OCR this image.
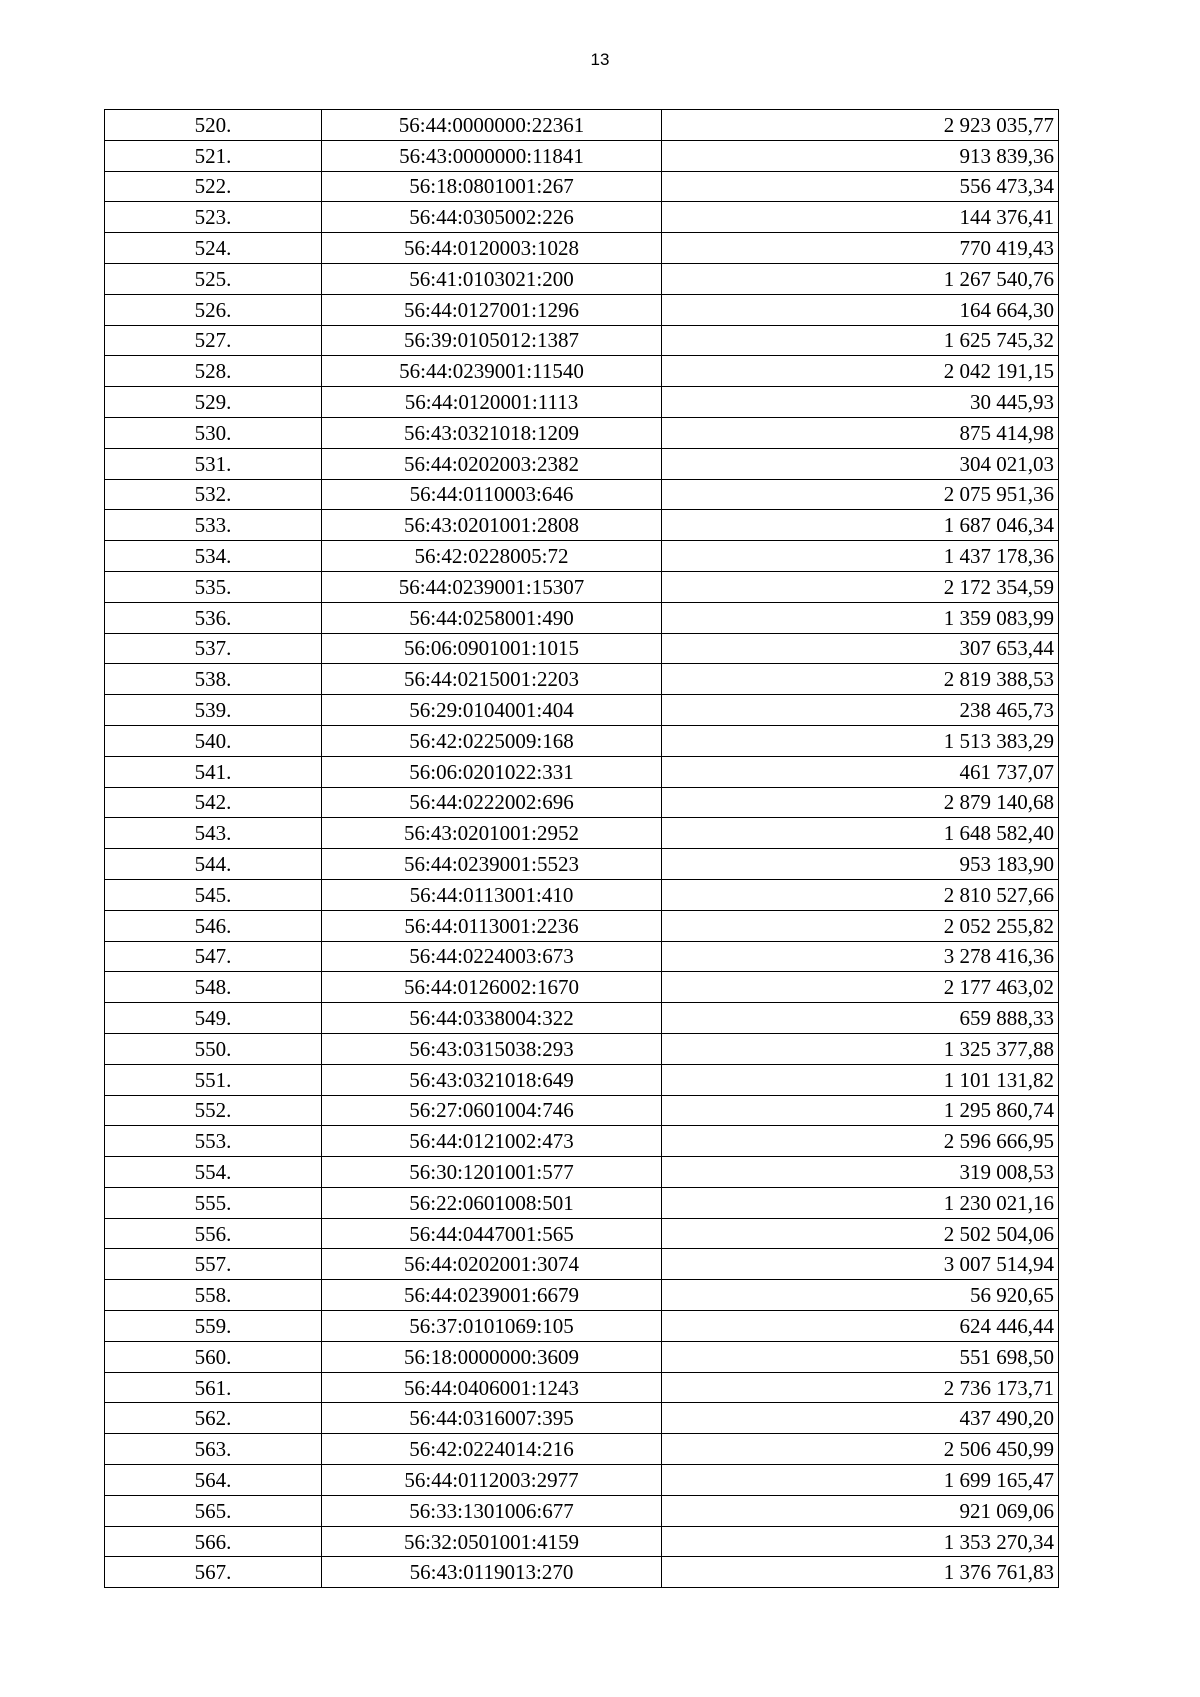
13
520.	56:44:0000000:22361	2 923 035,77
521.	56:43:0000000:11841	913 839,36
522.	56:18:0801001:267	556 473,34
523.	56:44:0305002:226	144 376,41
524.	56:44:0120003:1028	770 419,43
525.	56:41:0103021:200	1 267 540,76
526.	56:44:0127001:1296	164 664,30
527.	56:39:0105012:1387	1 625 745,32
528.	56:44:0239001:11540	2 042 191,15
529.	56:44:0120001:1113	30 445,93
530.	56:43:0321018:1209	875 414,98
531.	56:44:0202003:2382	304 021,03
532.	56:44:0110003:646	2 075 951,36
533.	56:43:0201001:2808	1 687 046,34
534.	56:42:0228005:72	1 437 178,36
535.	56:44:0239001:15307	2 172 354,59
536.	56:44:0258001:490	1 359 083,99
537.	56:06:0901001:1015	307 653,44
538.	56:44:0215001:2203	2 819 388,53
539.	56:29:0104001:404	238 465,73
540.	56:42:0225009:168	1 513 383,29
541.	56:06:0201022:331	461 737,07
542.	56:44:0222002:696	2 879 140,68
543.	56:43:0201001:2952	1 648 582,40
544.	56:44:0239001:5523	953 183,90
545.	56:44:0113001:410	2 810 527,66
546.	56:44:0113001:2236	2 052 255,82
547.	56:44:0224003:673	3 278 416,36
548.	56:44:0126002:1670	2 177 463,02
549.	56:44:0338004:322	659 888,33
550.	56:43:0315038:293	1 325 377,88
551.	56:43:0321018:649	1 101 131,82
552.	56:27:0601004:746	1 295 860,74
553.	56:44:0121002:473	2 596 666,95
554.	56:30:1201001:577	319 008,53
555.	56:22:0601008:501	1 230 021,16
556.	56:44:0447001:565	2 502 504,06
557.	56:44:0202001:3074	3 007 514,94
558.	56:44:0239001:6679	56 920,65
559.	56:37:0101069:105	624 446,44
560.	56:18:0000000:3609	551 698,50
561.	56:44:0406001:1243	2 736 173,71
562.	56:44:0316007:395	437 490,20
563.	56:42:0224014:216	2 506 450,99
564.	56:44:0112003:2977	1 699 165,47
565.	56:33:1301006:677	921 069,06
566.	56:32:0501001:4159	1 353 270,34
567.	56:43:0119013:270	1 376 761,83
